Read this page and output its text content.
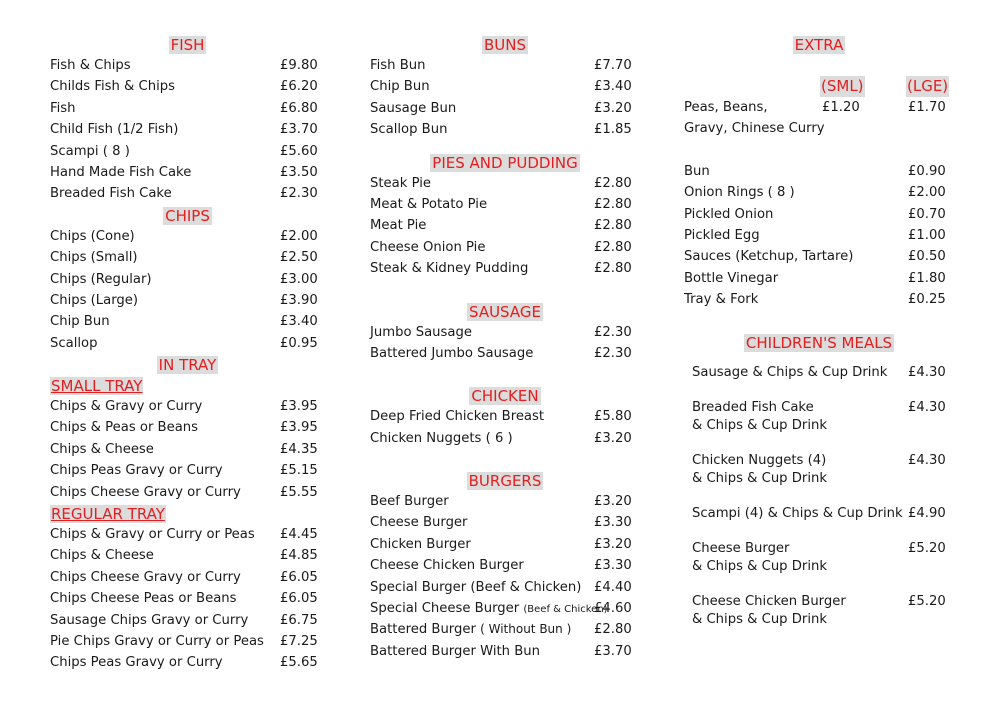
FISH
Fish & Chips	£9.80
Childs Fish & Chips	£6.20
Fish	£6.80
Child Fish (1/2 Fish)	£3.70
Scampi ( 8 )	£5.60
Hand Made Fish Cake	£3.50
Breaded Fish Cake	£2.30
CHIPS
Chips (Cone)	£2.00
Chips (Small)	£2.50
Chips (Regular)	£3.00
Chips (Large)	£3.90
Chip Bun	£3.40
Scallop	£0.95
IN TRAY
SMALL TRAY
Chips & Gravy or Curry	£3.95
Chips & Peas or Beans	£3.95
Chips & Cheese	£4.35
Chips Peas Gravy or Curry	£5.15
Chips Cheese Gravy or Curry	£5.55
REGULAR TRAY
Chips & Gravy or Curry or Peas £4.45
Chips & Cheese	£4.85
Chips Cheese Gravy or Curry	£6.05
Chips Cheese Peas or Beans	£6.05
Sausage Chips Gravy or Curry £6.75
Pie Chips Gravy or Curry or Peas £7.25
Chips Peas Gravy or Curry	£5.65
BUNS
Fish Bun	£7.70
Chip Bun	£3.40
Sausage Bun	£3.20
Scallop Bun	£1.85
PIES AND PUDDING
Steak Pie	£2.80
Meat & Potato Pie	£2.80
Meat Pie	£2.80
Cheese Onion Pie	£2.80
Steak & Kidney Pudding	£2.80
SAUSAGE
Jumbo Sausage	£2.30
Battered Jumbo Sausage	£2.30
CHICKEN
Deep Fried Chicken Breast	£5.80
Chicken Nuggets ( 6 )	£3.20
BURGERS
Beef Burger	£3.20
Cheese Burger	£3.30
Chicken Burger	£3.20
Cheese Chicken Burger	£3.30
Special Burger (Beef & Chicken) £4.40
Special Cheese Burger (Beef & Chicken)
£4.60
Battered Burger ( Without Bun ) £2.80
Battered Burger With Bun	£3.70
EXTRA
(SML)	(LGE)
Peas, Beans,	£1.20	£1.70
Gravy, Chinese Curry
Bun	£0.90
Onion Rings ( 8 )	£2.00
Pickled Onion	£0.70
Pickled Egg	£1.00
Sauces (Ketchup, Tartare)	£0.50
Bottle Vinegar	£1.80
Tray & Fork	£0.25
CHILDREN'S MEALS
Sausage & Chips & Cup Drink	£4.30
Breaded Fish Cake
& Chips & Cup Drink
£4.30
Chicken Nuggets (4)
& Chips & Cup Drink
£4.30
Scampi (4) & Chips & Cup Drink £4.90
Cheese Burger
& Chips & Cup Drink
£5.20
Cheese Chicken Burger
& Chips & Cup Drink
£5.20
